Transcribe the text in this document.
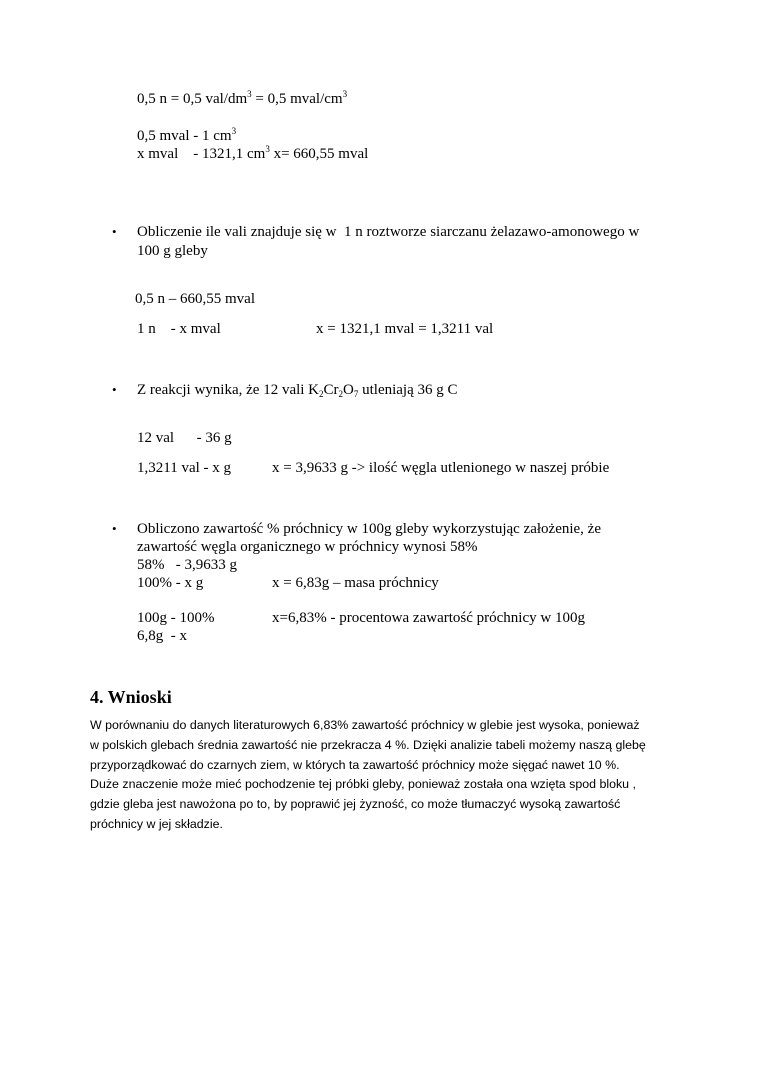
0,5 n = 0,5 val/$dm^3 = 0,5$ mval/$cm^3$
0,5 mval - 1 $cm^3$
x mval    - 1321,1 $cm^3$ x= 660,55 mval
• Obliczenie ile vali znajduje się w  1 n roztworze siarczanu żelazawo-amonowego w
100 g gleby
0,5 n – 660,55 mval
1 n    - x mval	x = 1321,1 mval = 1,3211 val
• Z reakcji wynika, że 12 vali $K_2Cr_2O_7$ utleniają 36 g C
12 val      - 36 g
1,3211 val - x g	x = 3,9633 g -> ilość węgla utlenionego w naszej próbie
• Obliczono zawartość % próchnicy w 100g gleby wykorzystując założenie, że
zawartość węgla organicznego w próchnicy wynosi 58%
58%   - 3,9633 g
100% - x g	x = 6,83g – masa próchnicy
100g - 100%	x=6,83% - procentowa zawartość próchnicy w 100g
6,8g  - x
4. Wnioski
W porównaniu do danych literaturowych 6,83% zawartość próchnicy w glebie jest wysoka, ponieważ
w polskich glebach średnia zawartość nie przekracza 4 %. Dzięki analizie tabeli możemy naszą glebę
przyporządkować do czarnych ziem, w których ta zawartość próchnicy może sięgać nawet 10 %.
Duże znaczenie może mieć pochodzenie tej próbki gleby, ponieważ została ona wzięta spod bloku ,
gdzie gleba jest nawożona po to, by poprawić jej żyzność, co może tłumaczyć wysoką zawartość
próchnicy w jej składzie.
